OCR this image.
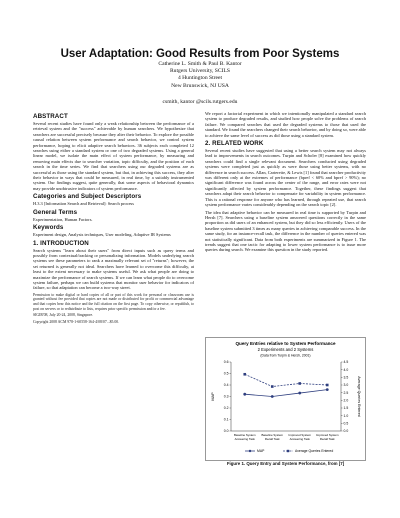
User Adaptation: Good Results from Poor Systems
Catherine L. Smith & Paul B. Kantor
Rutgers University, SCILS
4 Huntington Street
New Brunswick, NJ USA
csmith, kantor @scils.rutgers.edu
ABSTRACT

Several recent studies have found only a weak relationship between the performance of a retrieval system and the "success" achievable by human searchers. We hypothesize that searchers are successful precisely because they alter their behavior. To explore the possible causal relation between system performance and search behavior, we control system performance, hoping to elicit adaptive search behaviors. 36 subjects each completed 12 searches using either a standard system or one of two degraded systems. Using a general linear model, we isolate the main effect of system performance, by measuring and removing main effects due to searcher variation, topic difficulty, and the position of each search in the time series. We find that searchers using our degraded systems are as successful as those using the standard system, but that, in achieving this success, they alter their behavior in ways that could be measured, in real time, by a suitably instrumented system. Our findings suggest, quite generally, that some aspects of behavioral dynamics may provide unobtrusive indicators of system performance.

Categories and Subject Descriptors

H.3.3 [Information Search and Retrieval]: Search process

General Terms

Experimentation, Human Factors.

Keywords

Experiment design, Analysis techniques, User modeling, Adaptive IR Systems

1. INTRODUCTION

Search systems "learn about their users" from direct inputs such as query terms and possibly from contextual/tracking or personalizing information. Models underlying search systems see these parameters to rank a maximally relevant set of "returns"; however, the set returned is generally not ideal. Searchers have learned to overcome this difficulty, at least to the extent necessary to make systems useful. We ask what people are doing to maximize the performance of search systems. If we can learn what people do to overcome system failure, perhaps we can build systems that monitor user behavior for indicators of failure, so that adaptation can become a two-way street.

Permission to make digital or hard copies of all or part of this work for personal or classroom use is granted without fee provided that copies are not made or distributed for profit or commercial advantage and that copies bear this notice and the full citation on the first page. To copy otherwise, or republish, to post on servers or to redistribute to lists, requires prior specific permission and/or a fee.

SIGIR'08, July 20-24, 2008, Singapore.

Copyright 2008 ACM 978-1-60558-164-4/08/07...$5.00.

We report a factorial experiment in which we intentionally manipulated a standard search system to produce degraded results, and studied how people solve the problems of search failure. We compared searches that used the degraded systems to those that used the standard. We found the searchers changed their search behavior, and by doing so, were able to achieve the same level of success as did those using a standard system.

2. RELATED WORK

Several recent studies have suggested that using a better search system may not always lead to improvements in search outcomes. Turpin and Scholer [8] examined how quickly searchers could find a single relevant document. Searchers conducted using degraded systems were completed just as quickly as were those using better systems, with no difference in search success. Allan, Carterette, & Lewis [1] found that searcher productivity was different only at the extremes of performance (bpref < 60% and bpref > 90%); no significant difference was found across the center of the range, and error rates were not significantly affected by system performance. Together, these findings suggest that searchers adapt their search behavior to compensate for variability in system performance. This is a rational response for anyone who has learned, through repeated use, that search system performance varies considerably depending on the search topic [2].

The idea that adaptive behavior can be measured in real time is supported by Turpin and Hersh [7]. Searchers using a baseline system answered questions correctly in the same proportion as did users of an enhanced system, but they did so less efficiently. Users of the baseline system submitted 3 times as many queries in achieving comparable success. In the same study, for an instance-recall task, the difference in the number of queries entered was not statistically significant. Data from both experiments are summarized in Figure 1. The trends suggest that one tactic for adapting to lower system performance is to issue more queries during search. We examine this question in the study reported.

Query Entries relative to System Performance
2 Experiments and 2 Systems
(Data from Turpin & Hersh, 2001)
0.0
0.1
0.2
0.3
0.4
0.5
0.6
0.0
0.5
1.0
1.5
2.0
2.5
3.0
3.5
4.0
4.5
MAP	Average Queries Entered
Baseline System
Answering Task
Baseline System
Recall Task
Improved System
Answering Task
Improved System
Recall Task
MAP	Average Queries Entered
Figure 1. Query Entry and System Performance, from [7]
